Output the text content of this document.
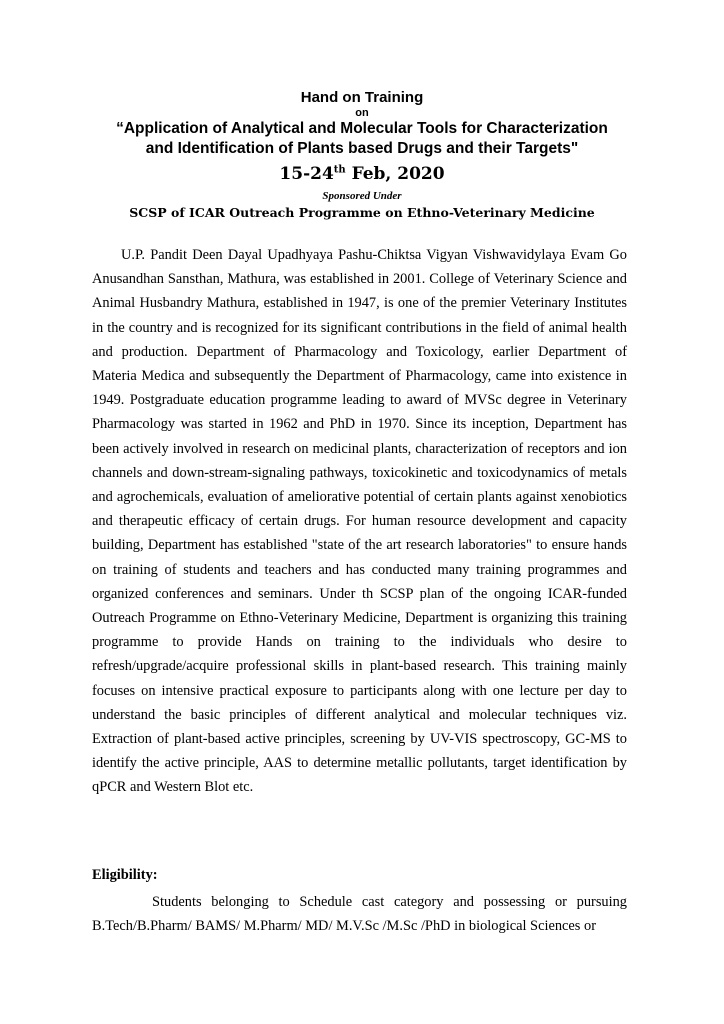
Hand on Training

on

“Application of Analytical and Molecular Tools for Characterization

and Identification of Plants based Drugs and their Targets"

15-24th Feb, 2020

Sponsored Under

SCSP of ICAR Outreach Programme on Ethno-Veterinary Medicine

U.P. Pandit Deen Dayal Upadhyaya Pashu-Chiktsa Vigyan Vishwavidylaya Evam Go Anusandhan Sansthan, Mathura, was established in 2001. College of Veterinary Science and Animal Husbandry Mathura, established in 1947, is one of the premier Veterinary Institutes in the country and is recognized for its significant contributions in the field of animal health and production. Department of Pharmacology and Toxicology, earlier Department of Materia Medica and subsequently the Department of Pharmacology, came into existence in 1949. Postgraduate education programme leading to award of MVSc degree in Veterinary Pharmacology was started in 1962 and PhD in 1970. Since its inception, Department has been actively involved in research on medicinal plants, characterization of receptors and ion channels and down-stream-signaling pathways, toxicokinetic and toxicodynamics of metals and agrochemicals, evaluation of ameliorative potential of certain plants against xenobiotics and therapeutic efficacy of certain drugs. For human resource development and capacity building, Department has established "state of the art research laboratories" to ensure hands on training of students and teachers and has conducted many training programmes and organized conferences and seminars. Under th SCSP plan of the ongoing ICAR-funded Outreach Programme on Ethno-Veterinary Medicine, Department is organizing this training programme to provide Hands on training to the individuals who desire to refresh/upgrade/acquire professional skills in plant-based research. This training mainly focuses on intensive practical exposure to participants along with one lecture per day to understand the basic principles of different analytical and molecular techniques viz. Extraction of plant-based active principles, screening by UV-VIS spectroscopy, GC-MS to identify the active principle, AAS to determine metallic pollutants, target identification by qPCR and Western Blot etc.

Eligibility:

Students belonging to Schedule cast category and possessing or pursuing B.Tech/B.Pharm/ BAMS/ M.Pharm/ MD/ M.V.Sc /M.Sc /PhD in biological Sciences or
